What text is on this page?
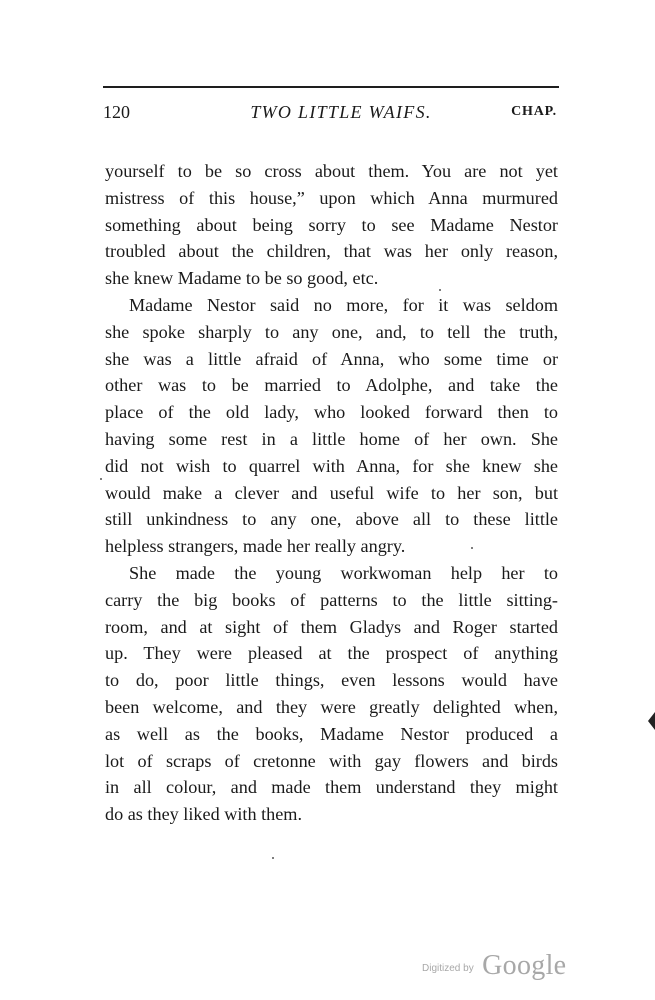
120	TWO LITTLE WAIFS.	CHAP.
yourself to be so cross about them. You are not yet
mistress of this house,” upon which Anna murmured
something about being sorry to see Madame Nestor
troubled about the children, that was her only reason,
she knew Madame to be so good, etc.
Madame Nestor said no more, for it was seldom
she spoke sharply to any one, and, to tell the truth,
she was a little afraid of Anna, who some time or
other was to be married to Adolphe, and take the
place of the old lady, who looked forward then to
having some rest in a little home of her own. She
did not wish to quarrel with Anna, for she knew she
would make a clever and useful wife to her son, but
still unkindness to any one, above all to these little
helpless strangers, made her really angry.
She made the young workwoman help her to
carry the big books of patterns to the little sitting-
room, and at sight of them Gladys and Roger started
up. They were pleased at the prospect of anything
to do, poor little things, even lessons would have
been welcome, and they were greatly delighted when,
as well as the books, Madame Nestor produced a
lot of scraps of cretonne with gay flowers and birds
in all colour, and made them understand they might
do as they liked with them.
Digitized by Google
